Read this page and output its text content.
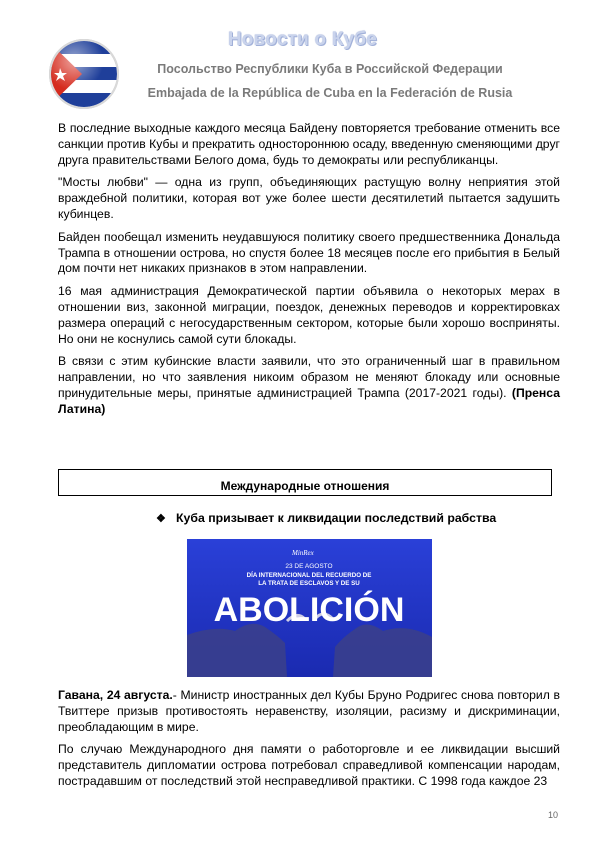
Новости о Кубе
Посольство Республики Куба в Российской Федерации
Embajada de la República de Cuba en la Federación de Rusia

В последние выходные каждого месяца Байдену повторяется требование отменить все санкции против Кубы и прекратить одностороннюю осаду, введенную сменяющими друг друга правительствами Белого дома, будь то демократы или республиканцы.

"Мосты любви" — одна из групп, объединяющих растущую волну неприятия этой враждебной политики, которая вот уже более шести десятилетий пытается задушить кубинцев.

Байден пообещал изменить неудавшуюся политику своего предшественника Дональда Трампа в отношении острова, но спустя более 18 месяцев после его прибытия в Белый дом почти нет никаких признаков в этом направлении.

16 мая администрация Демократической партии объявила о некоторых мерах в отношении виз, законной миграции, поездок, денежных переводов и корректировках размера операций с негосударственным сектором, которые были хорошо восприняты. Но они не коснулись самой сути блокады.

В связи с этим кубинские власти заявили, что это ограниченный шаг в правильном направлении, но что заявления никоим образом не меняют блокаду или основные принудительные меры, принятые администрацией Трампа (2017-2021 годы). (Пренса Латина)

Международные отношения
❖ Куба призывает к ликвидации последствий рабства
MinRex
23 DE AGOSTO
DÍA INTERNACIONAL DEL RECUERDO DE
LA TRATA DE ESCLAVOS Y DE SU
ABOLICIÓN

Гавана, 24 августа.- Министр иностранных дел Кубы Бруно Родригес снова повторил в Твиттере призыв противостоять неравенству, изоляции, расизму и дискриминации, преобладающим в мире.

По случаю Международного дня памяти о работорговле и ее ликвидации высший представитель дипломатии острова потребовал справедливой компенсации народам, пострадавшим от последствий этой несправедливой практики. С 1998 года каждое 23

10
